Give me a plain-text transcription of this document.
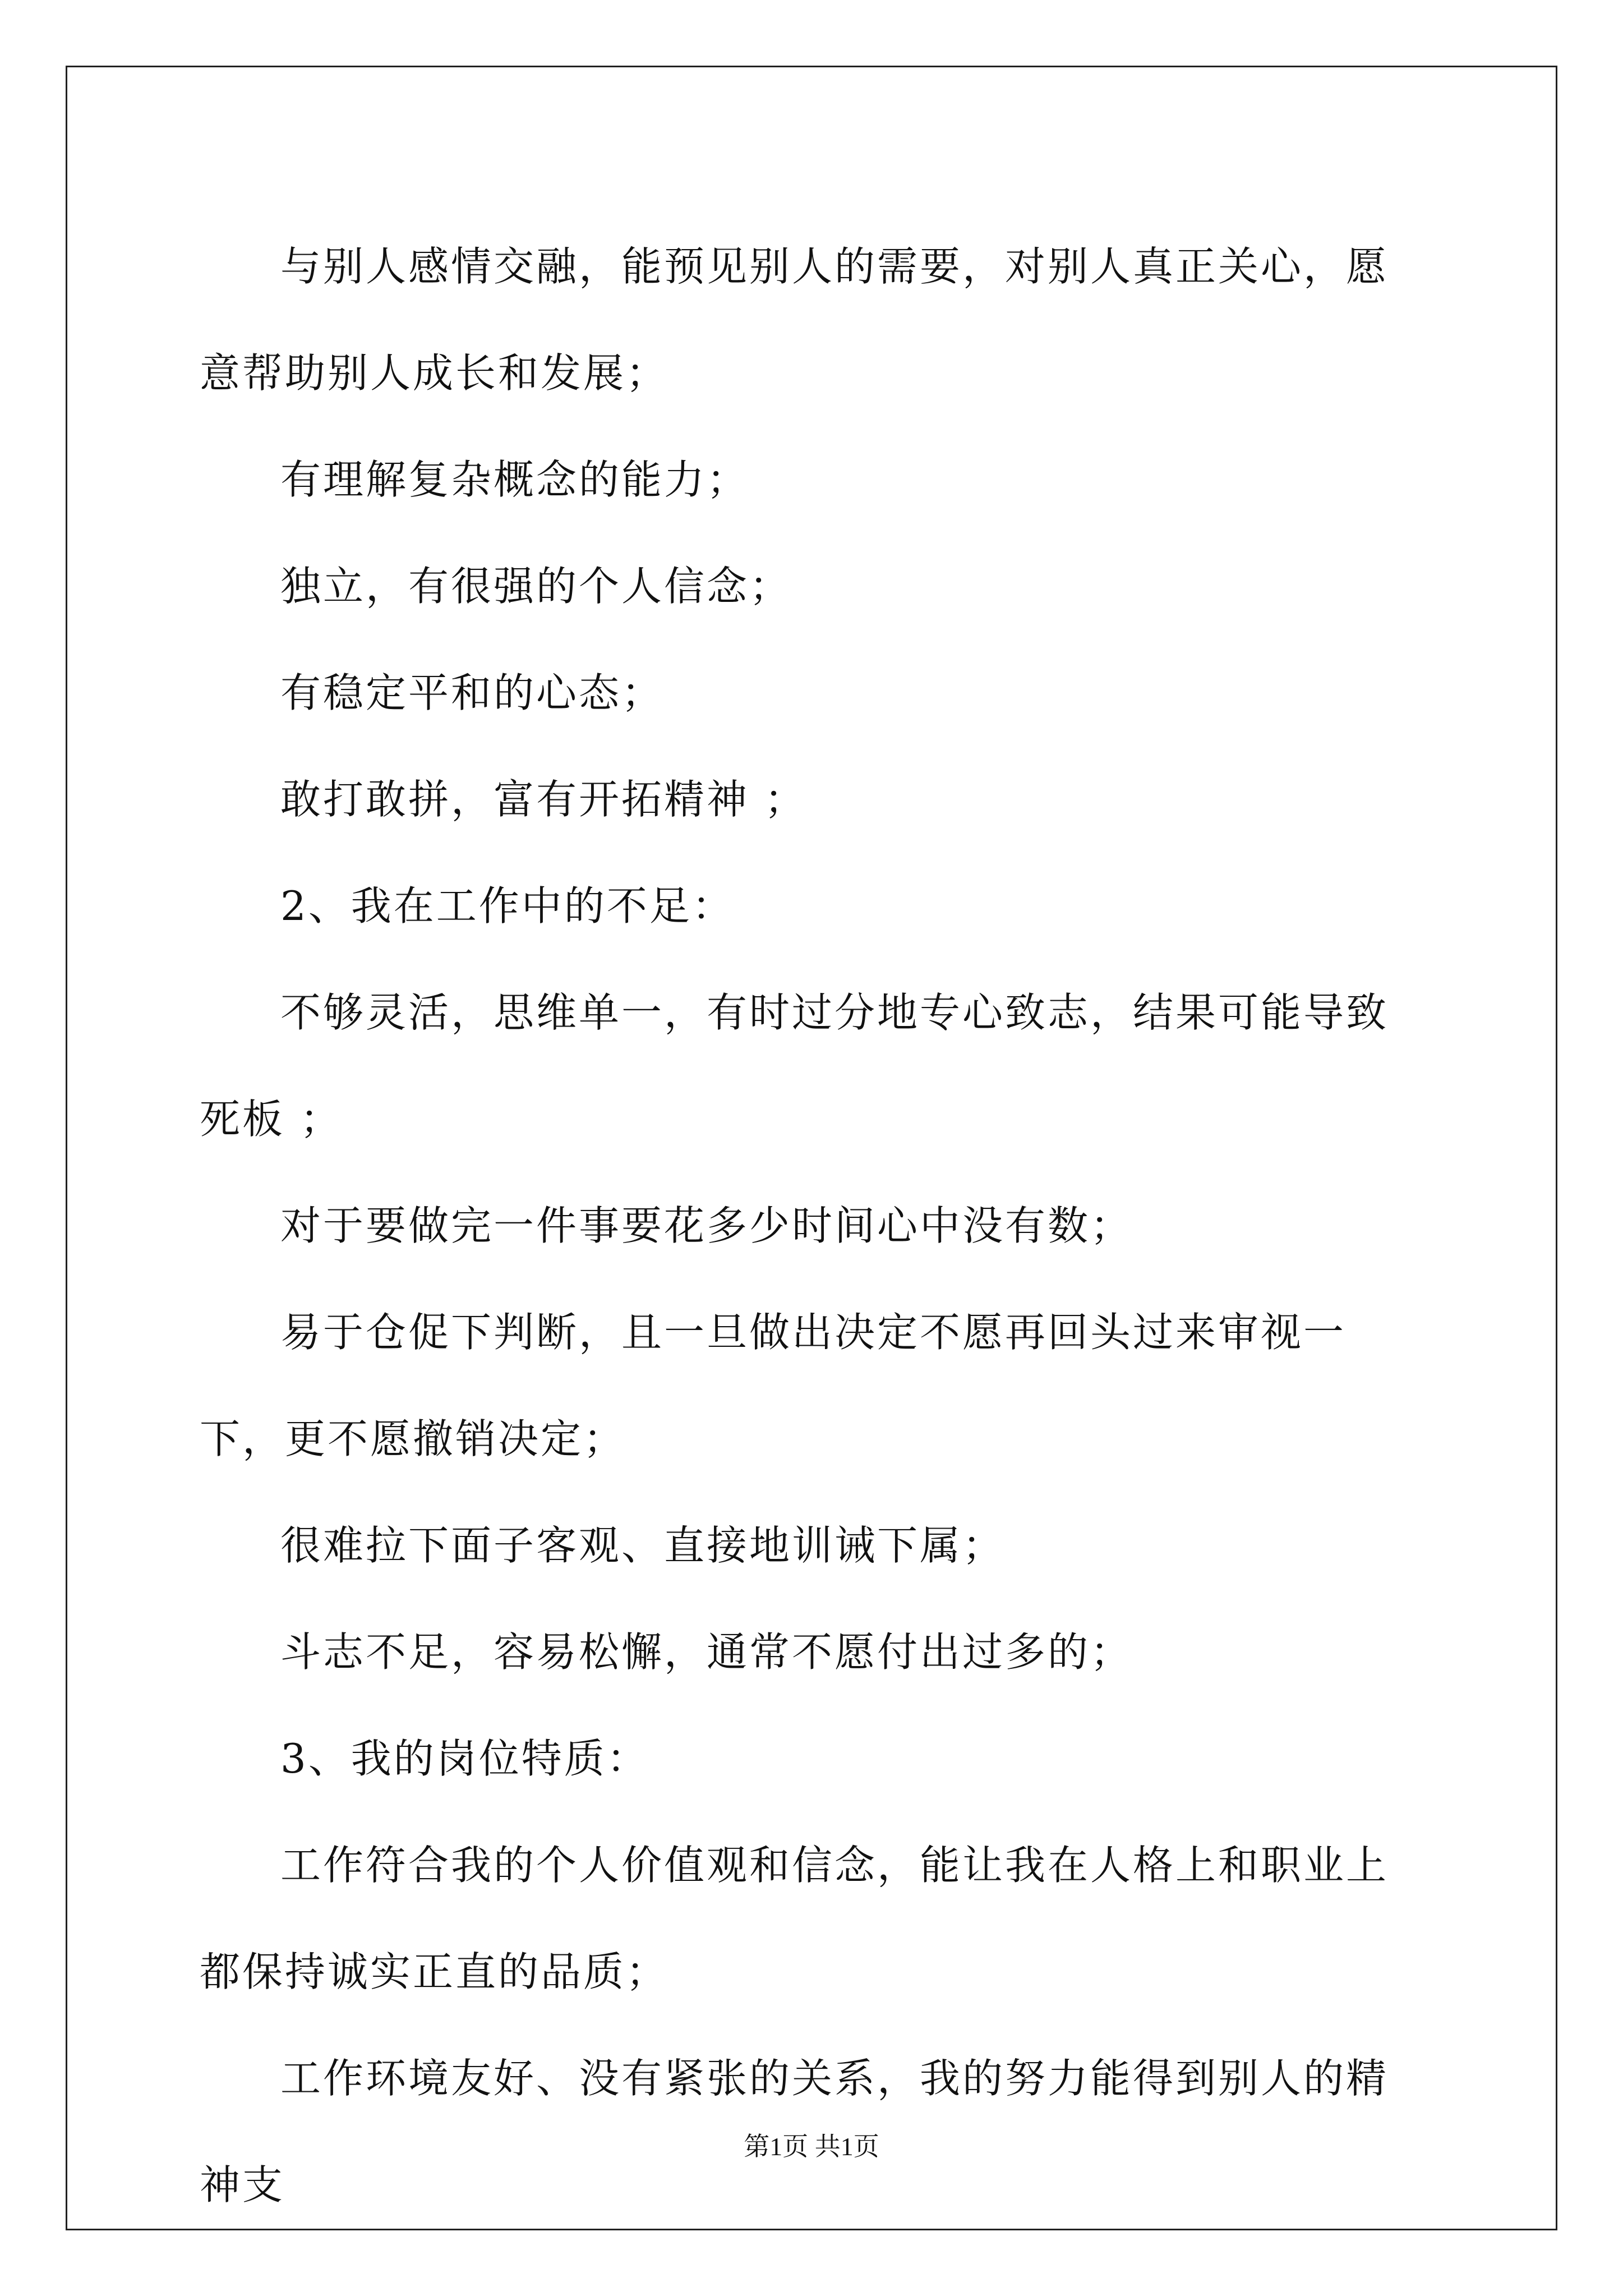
与别人感情交融，能预见别人的需要，对别人真正关心，愿意帮助别人成长和发展；

有理解复杂概念的能力；

独立，有很强的个人信念；

有稳定平和的心态；

敢打敢拼，富有开拓精神 ；

2、我在工作中的不足：

不够灵活，思维单一，有时过分地专心致志，结果可能导致死板 ；

对于要做完一件事要花多少时间心中没有数；

易于仓促下判断，且一旦做出决定不愿再回头过来审视一下，更不愿撤销决定；

很难拉下面子客观、直接地训诫下属；

斗志不足，容易松懈，通常不愿付出过多的；

3、我的岗位特质：

工作符合我的个人价值观和信念，能让我在人格上和职业上都保持诚实正直的品质；

工作环境友好、没有紧张的关系，我的努力能得到别人的精神支

第1页 共1页
